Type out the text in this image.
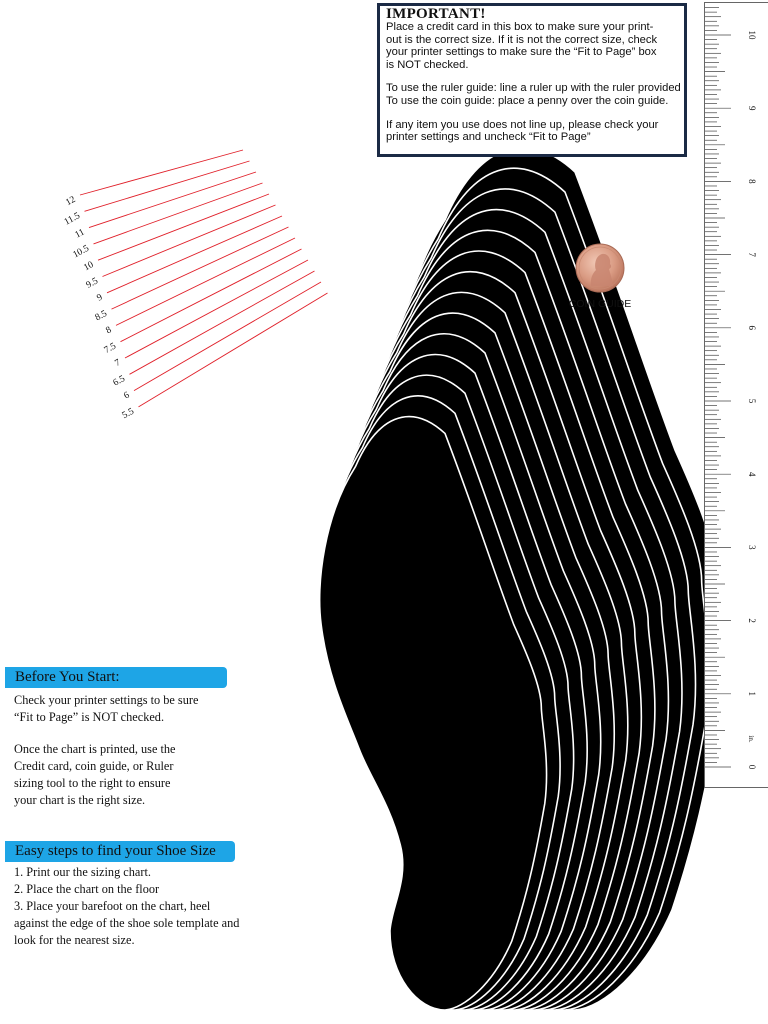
12
11.5
11
10.5
10
9.5
9
8.5
8
7.5
7
6.5
6
5.5
IMPORTANT!
Place a credit card in this box to make sure your print-
out is the correct size. If it is not the correct size, check
your printer settings to make sure the “Fit to Page” box
is NOT checked.
To use the ruler guide: line a ruler up with the ruler provided
To use the coin guide: place a penny over the coin guide.
If any item you use does not line up, please check your
printer settings and uncheck “Fit to Page”
0
1
2
3
4
5
6
7
8
9
10
in.
COIN GUIDE
Before You Start:
Check your printer settings to be sure
“Fit to Page” is NOT checked.
Once the chart is printed, use the
Credit card, coin guide, or Ruler
sizing tool to the right to ensure
your chart is the right size.
Easy steps to find your Shoe Size
1. Print our the sizing chart.
2. Place the chart on the floor
3. Place your barefoot on the chart, heel
against the edge of the shoe sole template and
look for the nearest size.
